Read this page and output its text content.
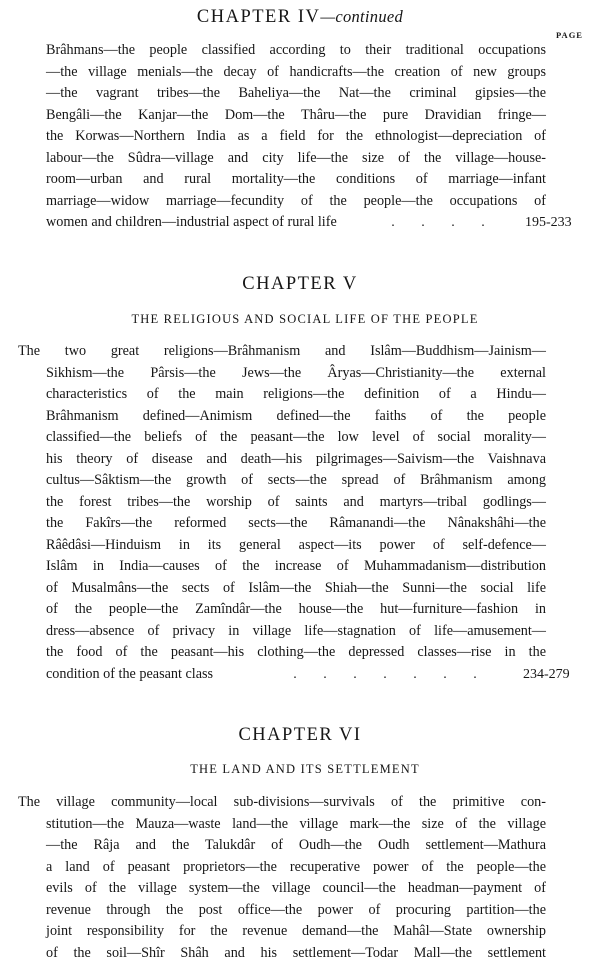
CHAPTER IV—continued
PAGE
Brâhmans—the people classified according to their traditional occupations
—the village menials—the decay of handicrafts—the creation of new groups
—the vagrant tribes—the Baheliya—the Nat—the criminal gipsies—the
Bengâli—the Kanjar—the Dom—the Thâru—the pure Dravidian fringe—
the Korwas—Northern India as a field for the ethnologist—depreciation of
labour—the Sûdra—village and city life—the size of the village—house-
room—urban and rural mortality—the conditions of marriage—infant
marriage—widow marriage—fecundity of the people—the occupations of
women and children—industrial aspect of rural life	. . . .	195-233
CHAPTER V
THE RELIGIOUS AND SOCIAL LIFE OF THE PEOPLE
The two great religions—Brâhmanism and Islâm—Buddhism—Jainism—
Sikhism—the Pârsis—the Jews—the Âryas—Christianity—the external
characteristics of the main religions—the definition of a Hindu—
Brâhmanism defined—Animism defined—the faiths of the people
classified—the beliefs of the peasant—the low level of social morality—
his theory of disease and death—his pilgrimages—Saivism—the Vaishnava
cultus—Sâktism—the growth of sects—the spread of Brâhmanism among
the forest tribes—the worship of saints and martyrs—tribal godlings—
the Fakîrs—the reformed sects—the Râmanandi—the Nânakshâhi—the
Râêdâsi—Hinduism in its general aspect—its power of self-defence—
Islâm in India—causes of the increase of Muhammadanism—distribution
of Musalmâns—the sects of Islâm—the Shiah—the Sunni—the social life
of the people—the Zamîndâr—the house—the hut—furniture—fashion in
dress—absence of privacy in village life—stagnation of life—amusement—
the food of the peasant—his clothing—the depressed classes—rise in the
condition of the peasant class	. . . . . . .	234-279
CHAPTER VI
THE LAND AND ITS SETTLEMENT
The village community—local sub-divisions—survivals of the primitive con-
stitution—the Mauza—waste land—the village mark—the size of the village
—the Râja and the Talukdâr of Oudh—the Oudh settlement—Mathura
a land of peasant proprietors—the recuperative power of the people—the
evils of the village system—the village council—the headman—payment of
revenue through the post office—the power of procuring partition—the
joint responsibility for the revenue demand—the Mahâl—State ownership
of the soil—Shîr Shâh and his settlement—Todar Mall—the settlement
